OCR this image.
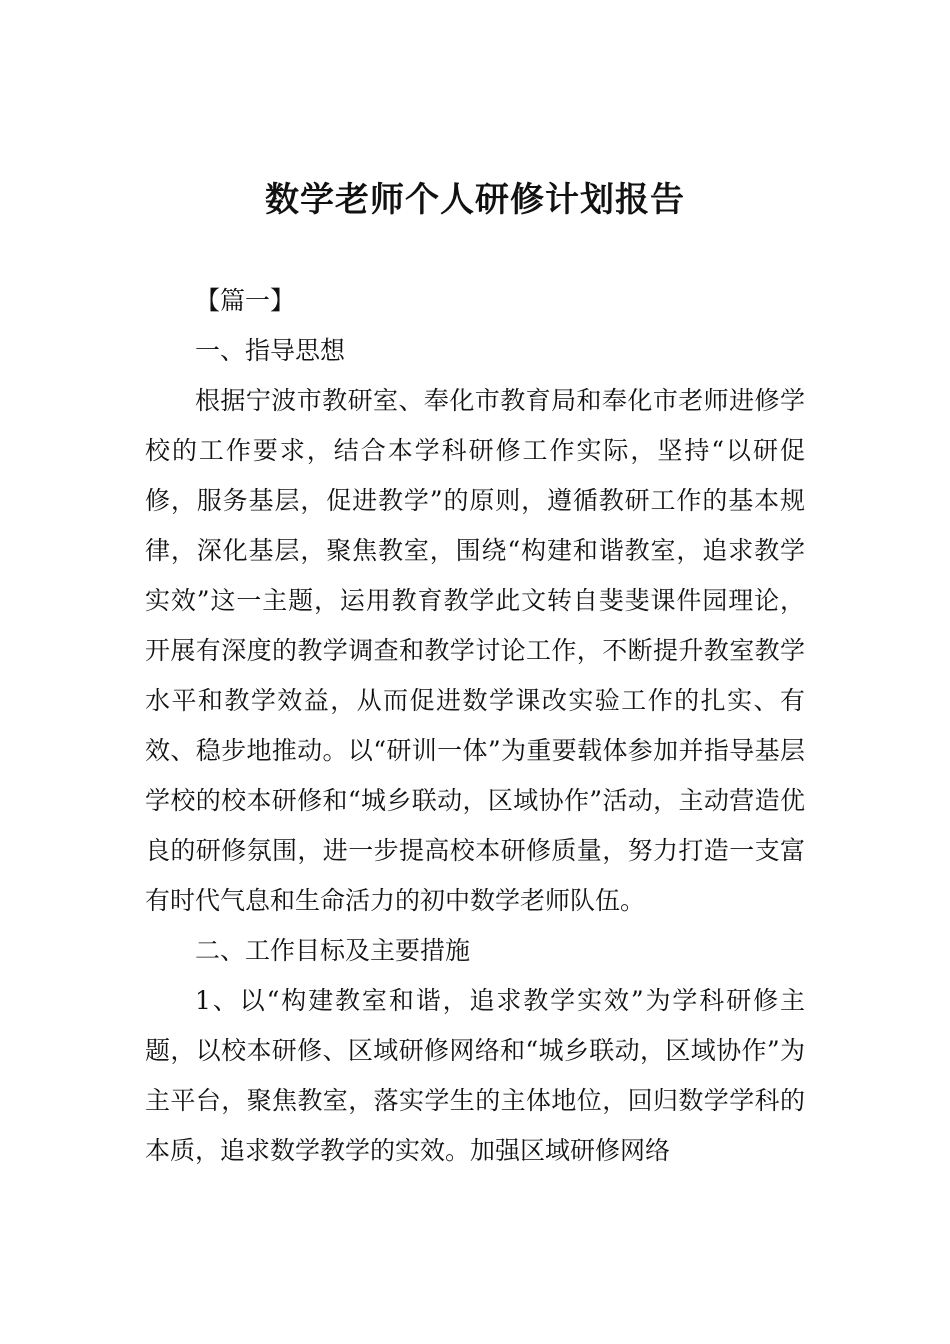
数学老师个人研修计划报告

【篇一】

一、指导思想

根据宁波市教研室、奉化市教育局和奉化市老师进修学校的工作要求，结合本学科研修工作实际，坚持“以研促修，服务基层，促进教学”的原则，遵循教研工作的基本规律，深化基层，聚焦教室，围绕“构建和谐教室，追求教学实效”这一主题，运用教育教学此文转自斐斐课件园理论，开展有深度的教学调查和教学讨论工作，不断提升教室教学水平和教学效益，从而促进数学课改实验工作的扎实、有效、稳步地推动。以“研训一体”为重要载体参加并指导基层学校的校本研修和“城乡联动，区域协作”活动，主动营造优良的研修氛围，进一步提高校本研修质量，努力打造一支富有时代气息和生命活力的初中数学老师队伍。

二、工作目标及主要措施

1、以“构建教室和谐，追求教学实效”为学科研修主题，以校本研修、区域研修网络和“城乡联动，区域协作”为主平台，聚焦教室，落实学生的主体地位，回归数学学科的本质，追求数学教学的实效。加强区域研修网络
